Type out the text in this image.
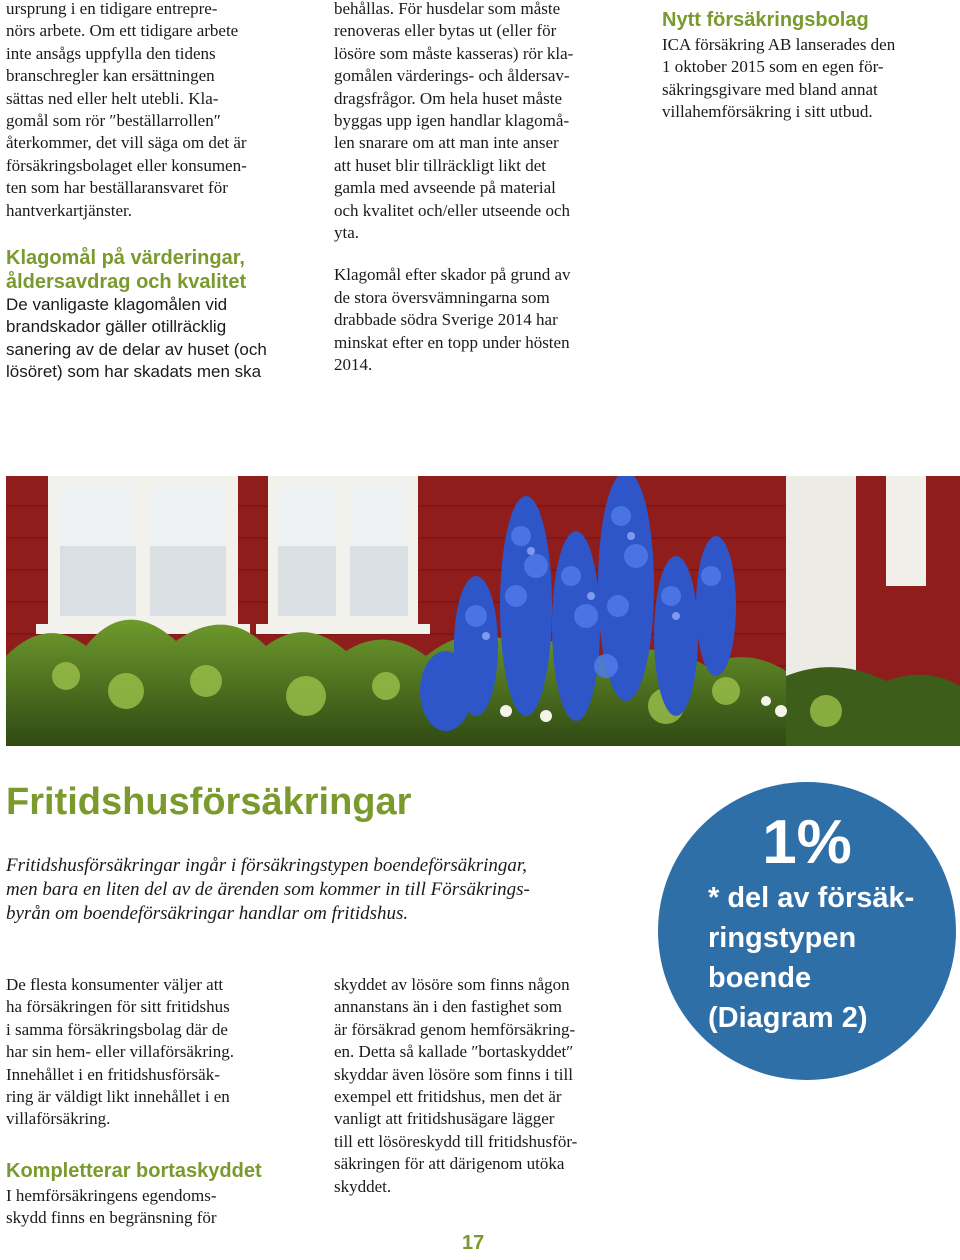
ursprung i en tidigare entrepre-
nörs arbete. Om ett tidigare arbete
inte ansågs uppfylla den tidens
branschregler kan ersättningen
sättas ned eller helt utebli. Kla-
gomål som rör ″beställarrollen″
återkommer, det vill säga om det är
försäkringsbolaget eller konsumen-
ten som har beställaransvaret för
hantverkartjänster.
Klagomål på värderingar,
åldersavdrag och kvalitet
De vanligaste klagomålen vid
brandskador gäller otillräcklig
sanering av de delar av huset (och
lösöret) som har skadats men ska
behållas. För husdelar som måste
renoveras eller bytas ut (eller för
lösöre som måste kasseras) rör kla-
gomålen värderings- och åldersav-
dragsfrågor. Om hela huset måste
byggas upp igen handlar klagomå-
len snarare om att man inte anser
att huset blir tillräckligt likt det
gamla med avseende på material
och kvalitet och/eller utseende och
yta.
Klagomål efter skador på grund av
de stora översvämningarna som
drabbade södra Sverige 2014 har
minskat efter en topp under hösten
2014.
Nytt försäkringsbolag
ICA försäkring AB lanserades den
1 oktober 2015 som en egen för-
säkringsgivare med bland annat
villahemförsäkring i sitt utbud.
Fritidshusförsäkringar
Fritidshusförsäkringar ingår i försäkringstypen boendeförsäkringar,
men bara en liten del av de ärenden som kommer in till Försäkrings-
byrån om boendeförsäkringar handlar om fritidshus.
De flesta konsumenter väljer att
ha försäkringen för sitt fritidshus
i samma försäkringsbolag där de
har sin hem- eller villaförsäkring.
Innehållet i en fritidshusförsäk-
ring är väldigt likt innehållet i en
villaförsäkring.
Kompletterar bortaskyddet
I hemförsäkringens egendoms-
skydd finns en begränsning för
skyddet av lösöre som finns någon
annanstans än i den fastighet som
är försäkrad genom hemförsäkring-
en. Detta så kallade ″bortaskyddet″
skyddar även lösöre som finns i till
exempel ett fritidshus, men det är
vanligt att fritidshusägare lägger
till ett lösöreskydd till fritidshusför-
säkringen för att därigenom utöka
skyddet.
1%
* del av försäk-
ringstypen
boende
(Diagram 2)
17
